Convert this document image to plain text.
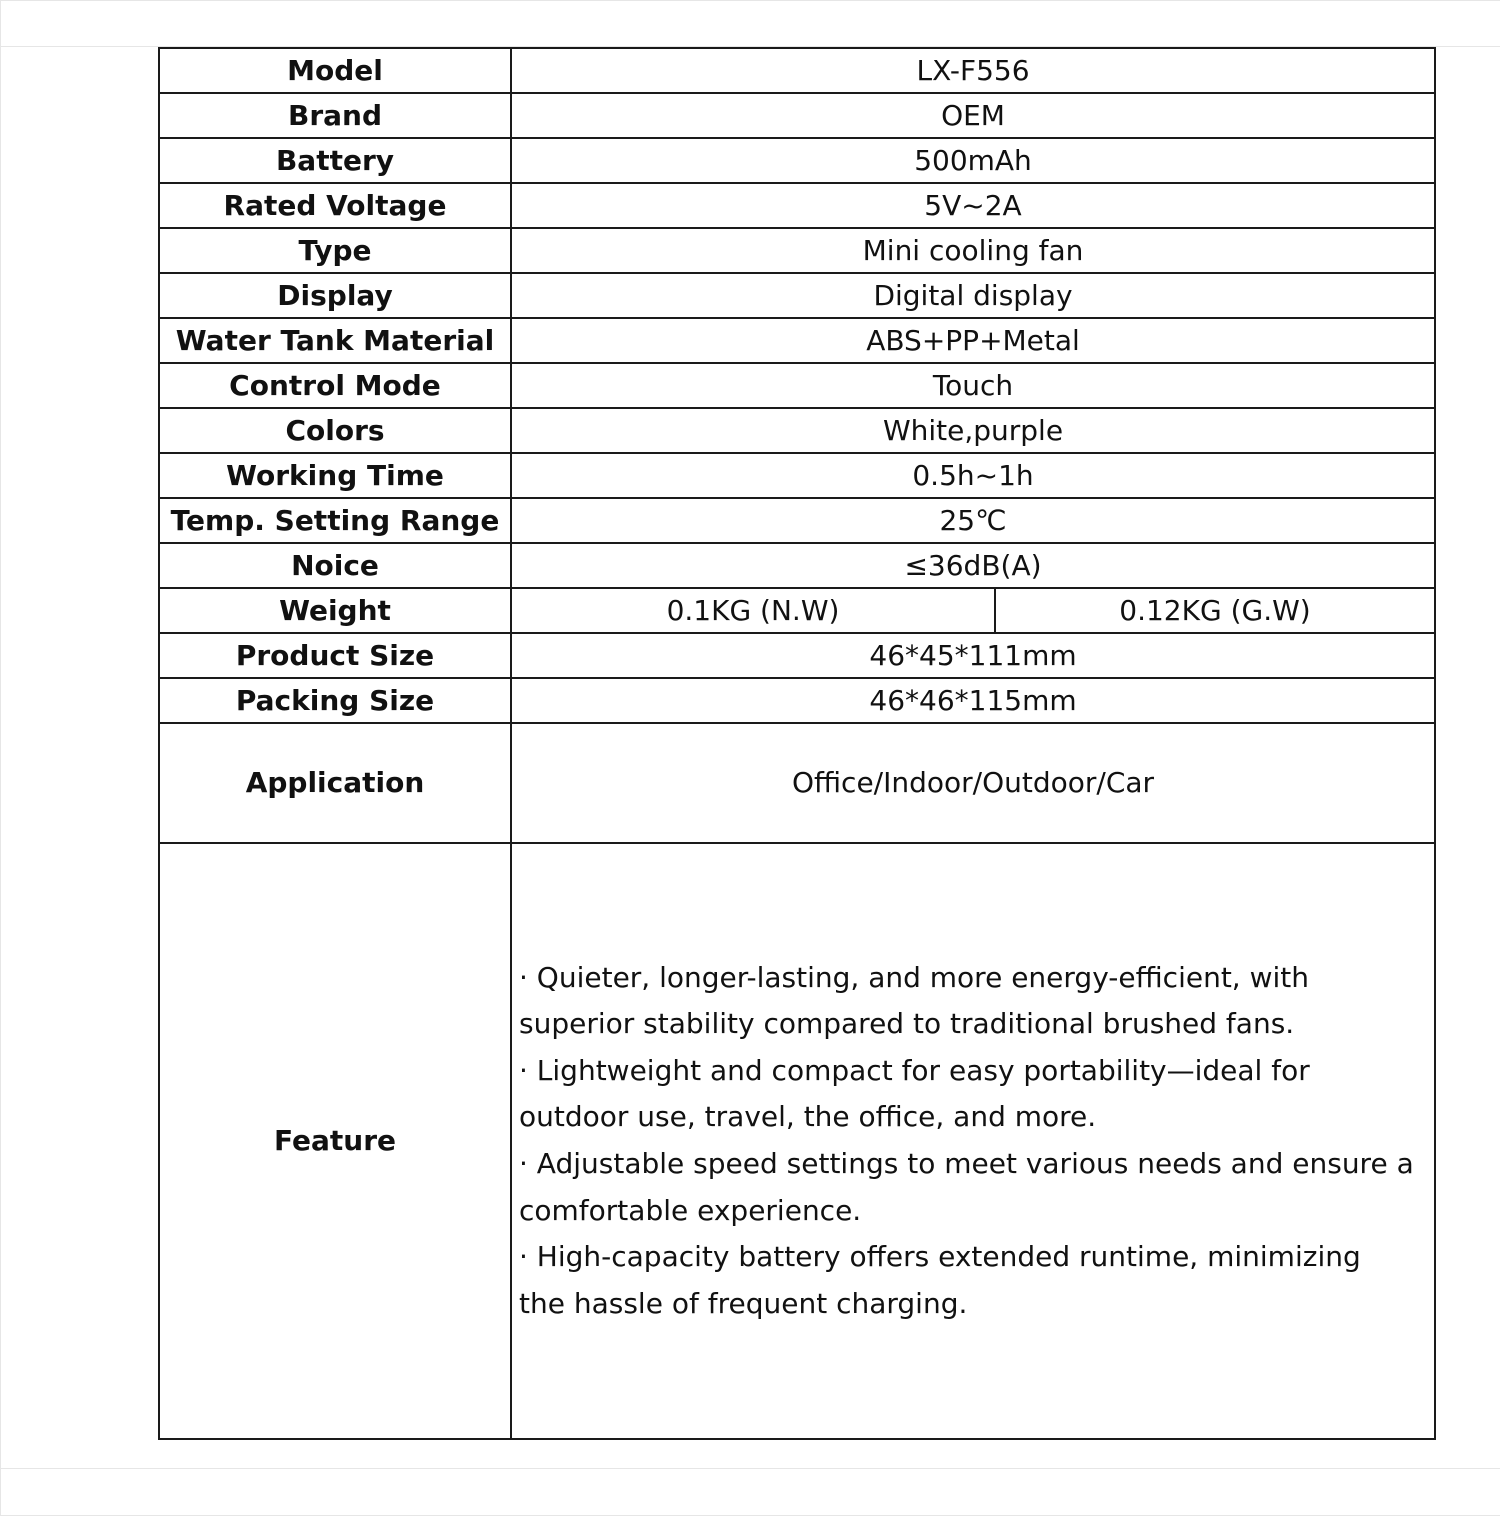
Model	LX-F556	
Brand	OEM	
Battery	500mAh	
Rated Voltage	5V~2A	
Type	Mini cooling fan	
Display	Digital display	
Water Tank Material	ABS+PP+Metal	
Control Mode	Touch	
Colors	White,purple	
Working Time	0.5h~1h	
Temp. Setting Range	25℃	
Noice	≤36dB(A)	
Weight	0.1KG (N.W)	0.12KG (G.W)
Product Size	46*45*111mm	
Packing Size	46*46*115mm	
Application	Office/Indoor/Outdoor/Car	
Feature	· Quieter, longer-lasting, and more energy-efficient, with superior stability compared to traditional brushed fans.
· Lightweight and compact for easy portability—ideal for outdoor use, travel, the office, and more.
· Adjustable speed settings to meet various needs and ensure a comfortable experience.
· High-capacity battery offers extended runtime, minimizing the hassle of frequent charging.	
